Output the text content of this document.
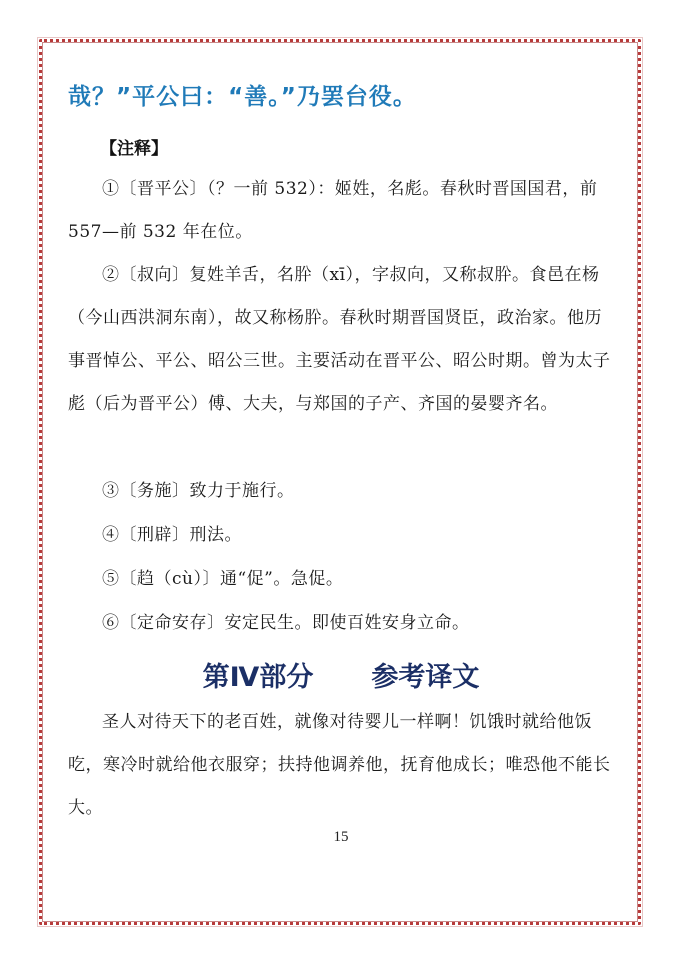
哉？”平公曰：“善。”乃罢台役。
【注释】
①〔晋平公〕（？一前 532）：姬姓，名彪。春秋时晋国国君，前 557—前 532 年在位。
②〔叔向〕复姓羊舌，名肸（xī），字叔向，又称叔肸。食邑在杨（今山西洪洞东南），故又称杨肸。春秋时期晋国贤臣，政治家。他历事晋悼公、平公、昭公三世。主要活动在晋平公、昭公时期。曾为太子彪（后为晋平公）傅、大夫，与郑国的子产、齐国的晏婴齐名。
③〔务施〕致力于施行。
④〔刑辟〕刑法。
⑤〔趋（cù）〕通“促”。急促。
⑥〔定命安存〕安定民生。即使百姓安身立命。
第Ⅳ部分 参考译文
圣人对待天下的老百姓，就像对待婴儿一样啊！饥饿时就给他饭吃，寒冷时就给他衣服穿；扶持他调养他，抚育他成长；唯恐他不能长大。
15
